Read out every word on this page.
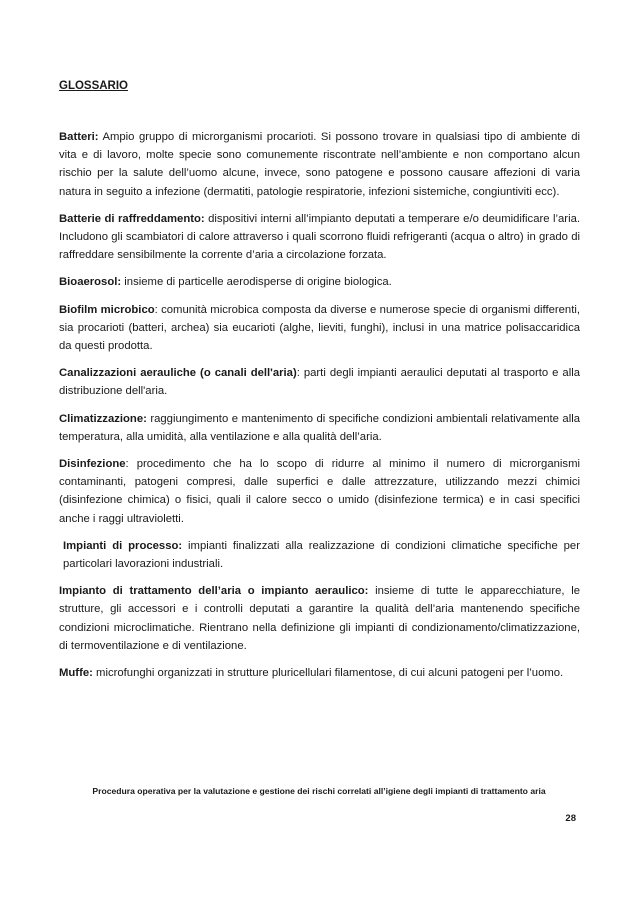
GLOSSARIO

Batteri: Ampio gruppo di microrganismi procarioti. Si possono trovare in qualsiasi tipo di ambiente di vita e di lavoro, molte specie sono comunemente riscontrate nell’ambiente e non comportano alcun rischio per la salute dell’uomo alcune, invece, sono patogene e possono causare affezioni di varia natura in seguito a infezione (dermatiti, patologie respiratorie, infezioni sistemiche, congiuntiviti ecc).

Batterie di raffreddamento: dispositivi interni all’impianto deputati a temperare e/o deumidificare l’aria. Includono gli scambiatori di calore attraverso i quali scorrono fluidi refrigeranti (acqua o altro) in grado di raffreddare sensibilmente la corrente d’aria a circolazione forzata.

Bioaerosol: insieme di particelle aerodisperse di origine biologica.

Biofilm microbico: comunità microbica composta da diverse e numerose specie di organismi differenti, sia procarioti (batteri, archea) sia eucarioti (alghe, lieviti, funghi), inclusi in una matrice polisaccaridica da questi prodotta.

Canalizzazioni aerauliche (o canali dell'aria): parti degli impianti aeraulici deputati al trasporto e alla distribuzione dell'aria.

Climatizzazione: raggiungimento e mantenimento di specifiche condizioni ambientali relativamente alla temperatura, alla umidità, alla ventilazione e alla qualità dell’aria.

Disinfezione: procedimento che ha lo scopo di ridurre al minimo il numero di microrganismi contaminanti, patogeni compresi, dalle superfici e dalle attrezzature, utilizzando mezzi chimici (disinfezione chimica) o fisici, quali il calore secco o umido (disinfezione termica) e in casi specifici anche i raggi ultravioletti.

Impianti di processo: impianti finalizzati alla realizzazione di condizioni climatiche specifiche per particolari lavorazioni industriali.

Impianto di trattamento dell’aria o impianto aeraulico: insieme di tutte le apparecchiature, le strutture, gli accessori e i controlli deputati a garantire la qualità dell’aria mantenendo specifiche condizioni microclimatiche. Rientrano nella definizione gli impianti di condizionamento/climatizzazione, di termoventilazione e di ventilazione.

Muffe: microfunghi organizzati in strutture pluricellulari filamentose, di cui alcuni patogeni per l’uomo.

Procedura operativa per la valutazione e gestione dei rischi correlati all’igiene degli impianti di trattamento aria
28
